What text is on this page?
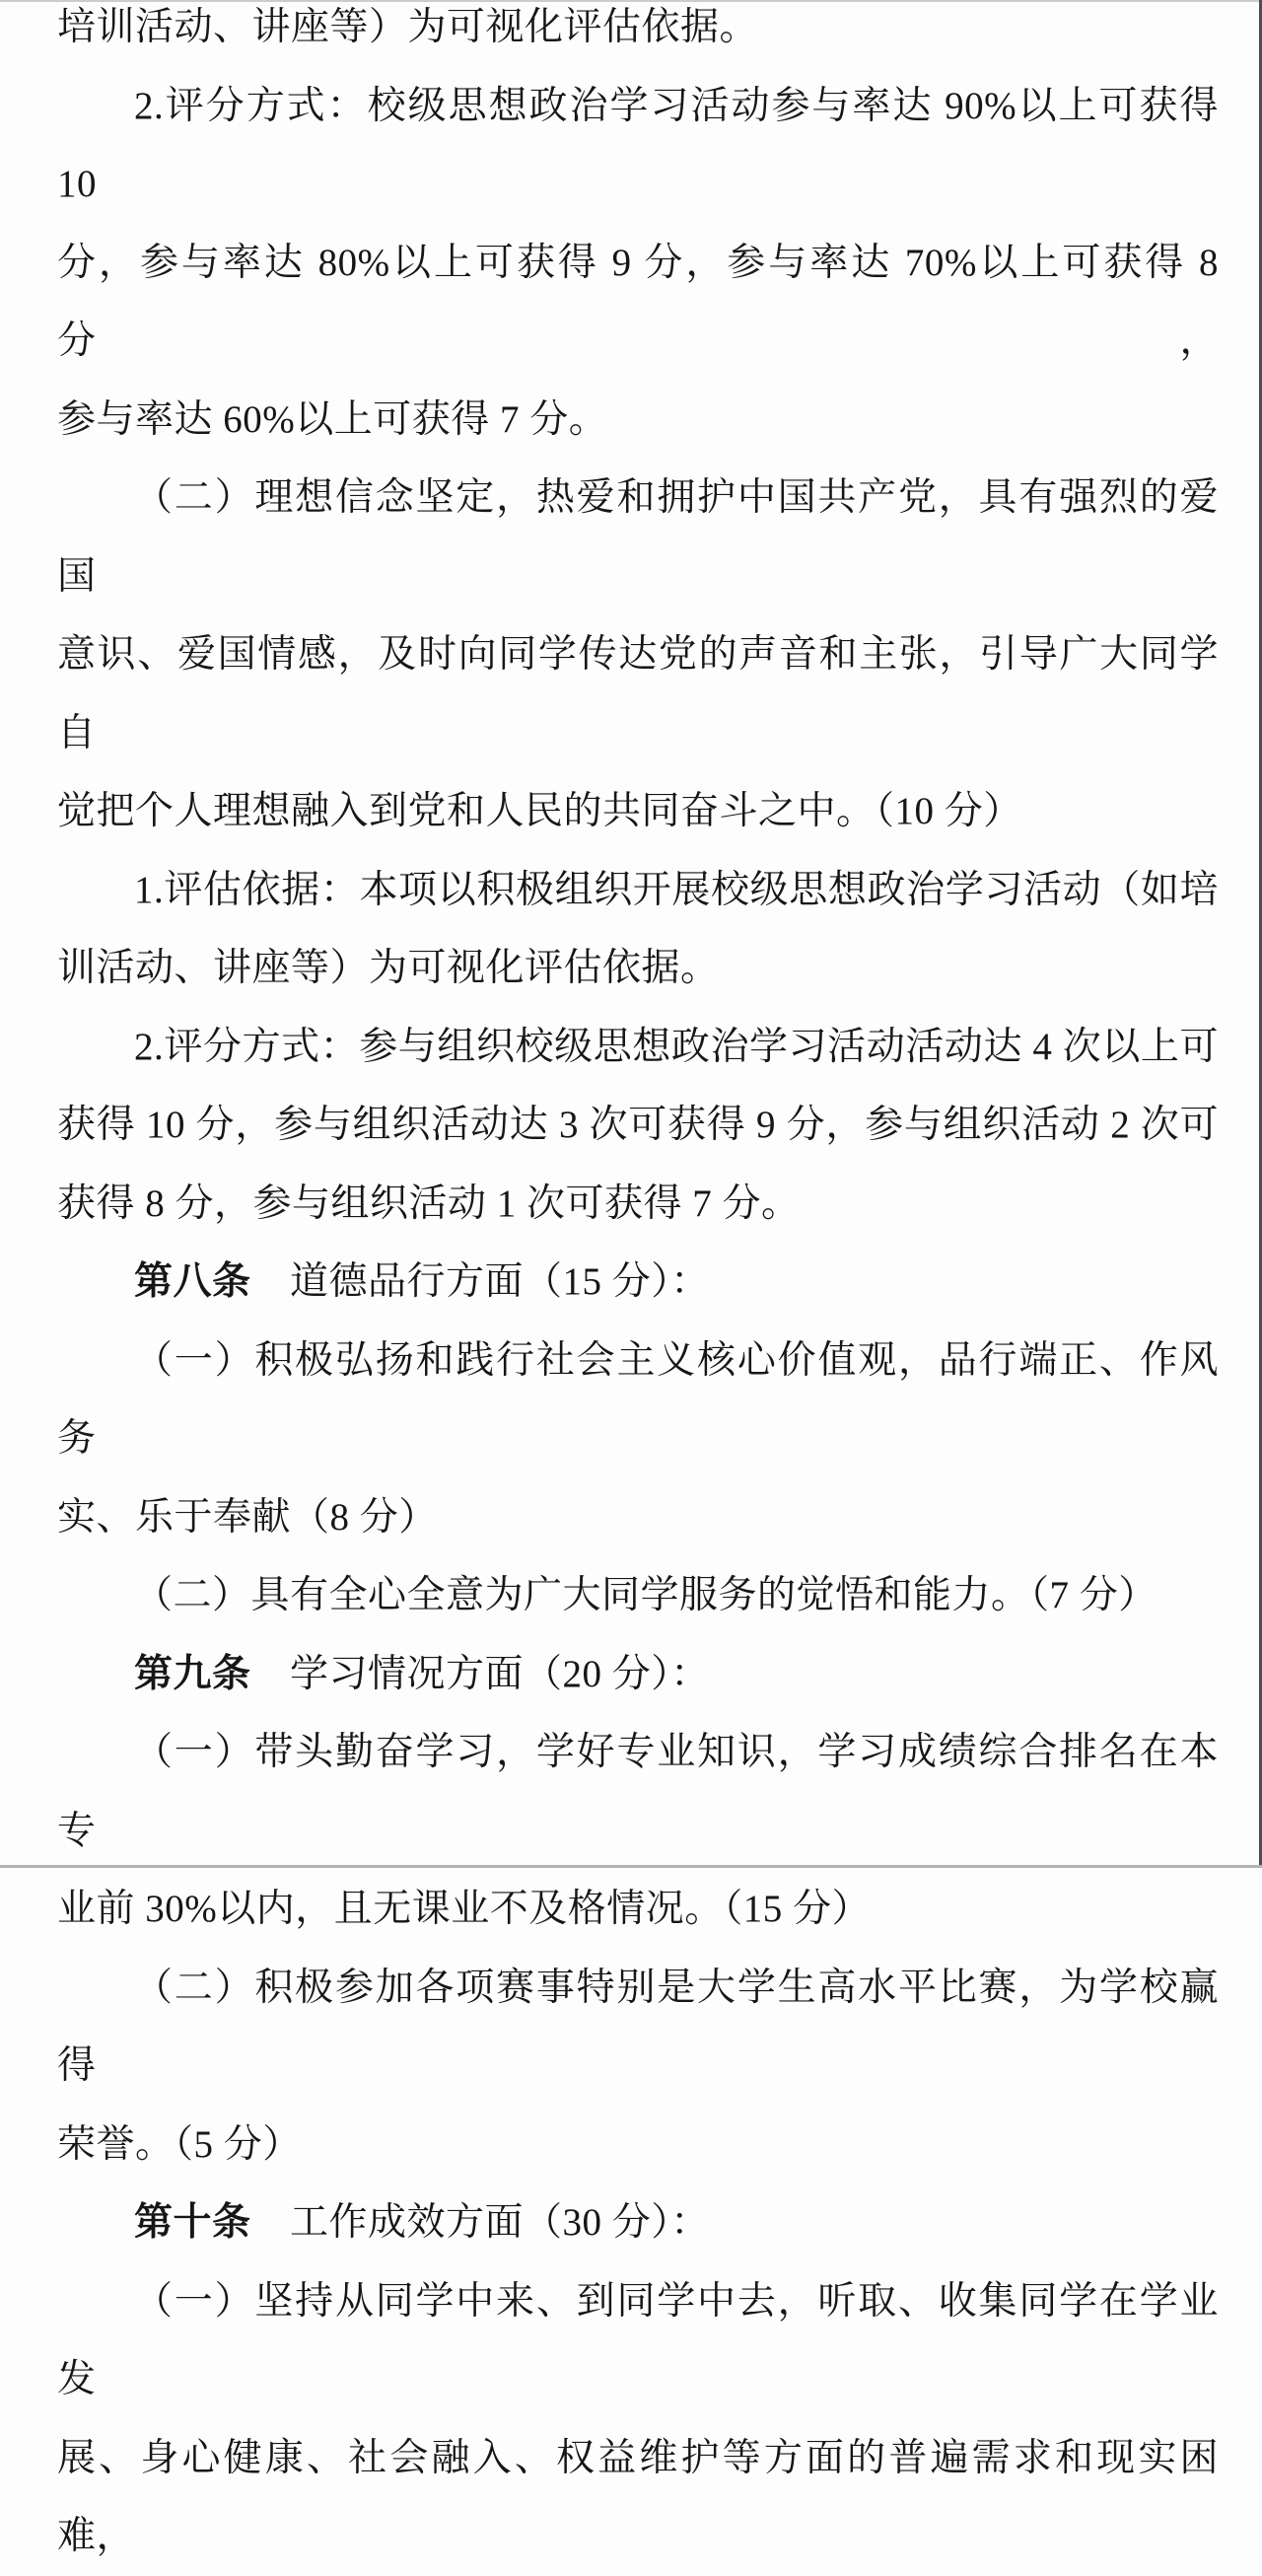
培训活动、讲座等）为可视化评估依据。
2.评分方式：校级思想政治学习活动参与率达 90%以上可获得 10
分，参与率达 80%以上可获得 9 分，参与率达 70%以上可获得 8 分，
参与率达 60%以上可获得 7 分。
（二）理想信念坚定，热爱和拥护中国共产党，具有强烈的爱国
意识、爱国情感，及时向同学传达党的声音和主张，引导广大同学自
觉把个人理想融入到党和人民的共同奋斗之中。（10 分）
1.评估依据：本项以积极组织开展校级思想政治学习活动（如培
训活动、讲座等）为可视化评估依据。
2.评分方式：参与组织校级思想政治学习活动活动达 4 次以上可
获得 10 分，参与组织活动达 3 次可获得 9 分，参与组织活动 2 次可
获得 8 分，参与组织活动 1 次可获得 7 分。
第八条　道德品行方面（15 分）：
（一）积极弘扬和践行社会主义核心价值观，品行端正、作风务
实、乐于奉献（8 分）
（二）具有全心全意为广大同学服务的觉悟和能力。（7 分）
第九条　学习情况方面（20 分）：
（一）带头勤奋学习，学好专业知识，学习成绩综合排名在本专
业前 30%以内，且无课业不及格情况。（15 分）
（二）积极参加各项赛事特别是大学生高水平比赛，为学校赢得
荣誉。（5 分）
第十条　工作成效方面（30 分）：
（一）坚持从同学中来、到同学中去，听取、收集同学在学业发
展、身心健康、社会融入、权益维护等方面的普遍需求和现实困难，
